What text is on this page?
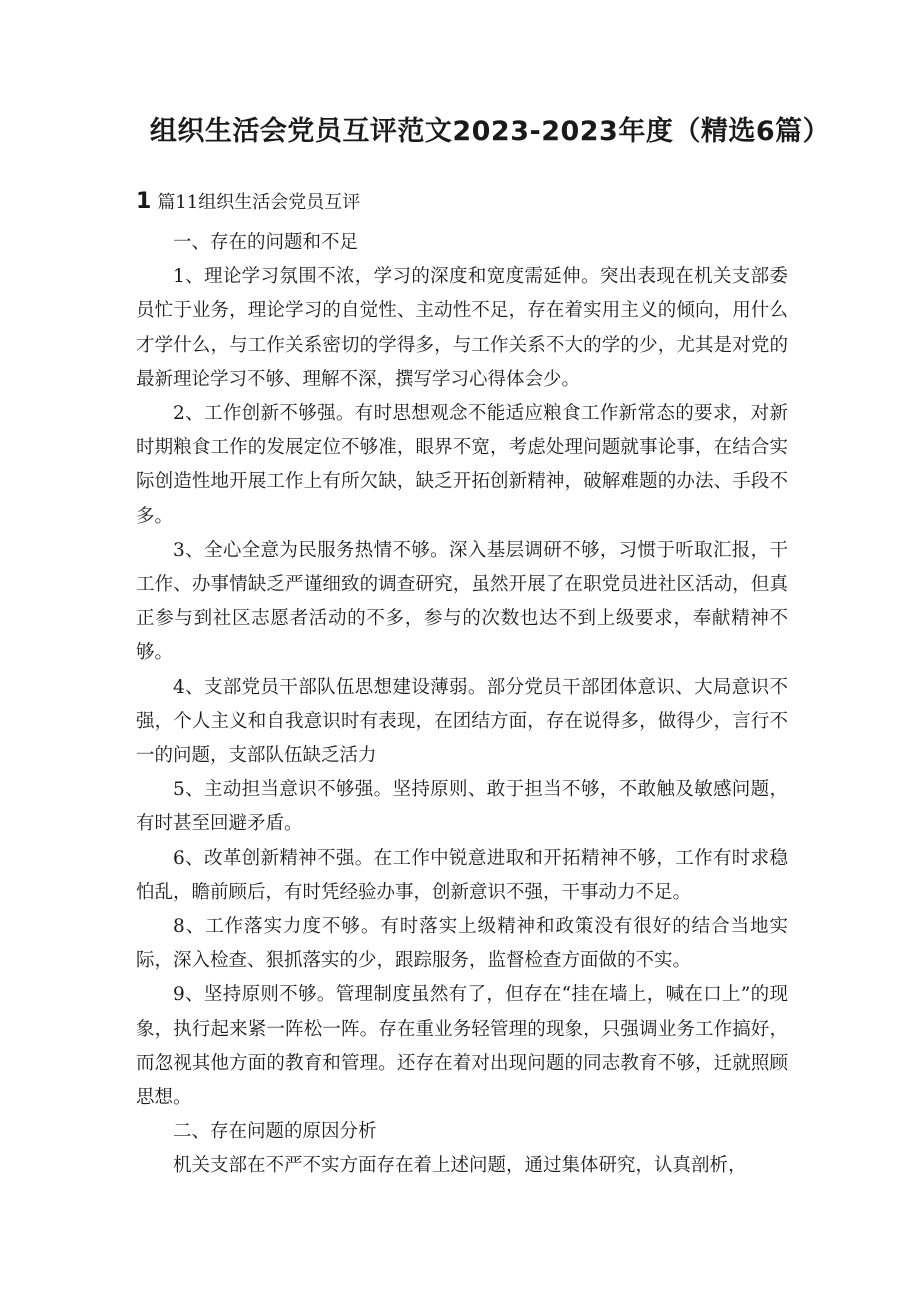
组织生活会党员互评范文2023-2023年度（精选6篇）
1 篇11组织生活会党员互评

一、存在的问题和不足

1、理论学习氛围不浓，学习的深度和宽度需延伸。突出表现在机关支部委员忙于业务，理论学习的自觉性、主动性不足，存在着实用主义的倾向，用什么才学什么，与工作关系密切的学得多，与工作关系不大的学的少，尤其是对党的最新理论学习不够、理解不深，撰写学习心得体会少。

2、工作创新不够强。有时思想观念不能适应粮食工作新常态的要求，对新时期粮食工作的发展定位不够准，眼界不宽，考虑处理问题就事论事，在结合实际创造性地开展工作上有所欠缺，缺乏开拓创新精神，破解难题的办法、手段不多。

3、全心全意为民服务热情不够。深入基层调研不够，习惯于听取汇报，干工作、办事情缺乏严谨细致的调查研究，虽然开展了在职党员进社区活动，但真正参与到社区志愿者活动的不多，参与的次数也达不到上级要求，奉献精神不够。

4、支部党员干部队伍思想建设薄弱。部分党员干部团体意识、大局意识不强，个人主义和自我意识时有表现，在团结方面，存在说得多，做得少，言行不一的问题，支部队伍缺乏活力

5、主动担当意识不够强。坚持原则、敢于担当不够，不敢触及敏感问题，有时甚至回避矛盾。

6、改革创新精神不强。在工作中锐意进取和开拓精神不够，工作有时求稳怕乱，瞻前顾后，有时凭经验办事，创新意识不强，干事动力不足。

8、工作落实力度不够。有时落实上级精神和政策没有很好的结合当地实际，深入检查、狠抓落实的少，跟踪服务，监督检查方面做的不实。

9、坚持原则不够。管理制度虽然有了，但存在“挂在墙上，喊在口上”的现象，执行起来紧一阵松一阵。存在重业务轻管理的现象，只强调业务工作搞好，而忽视其他方面的教育和管理。还存在着对出现问题的同志教育不够，迁就照顾思想。

二、存在问题的原因分析

机关支部在不严不实方面存在着上述问题，通过集体研究，认真剖析，
